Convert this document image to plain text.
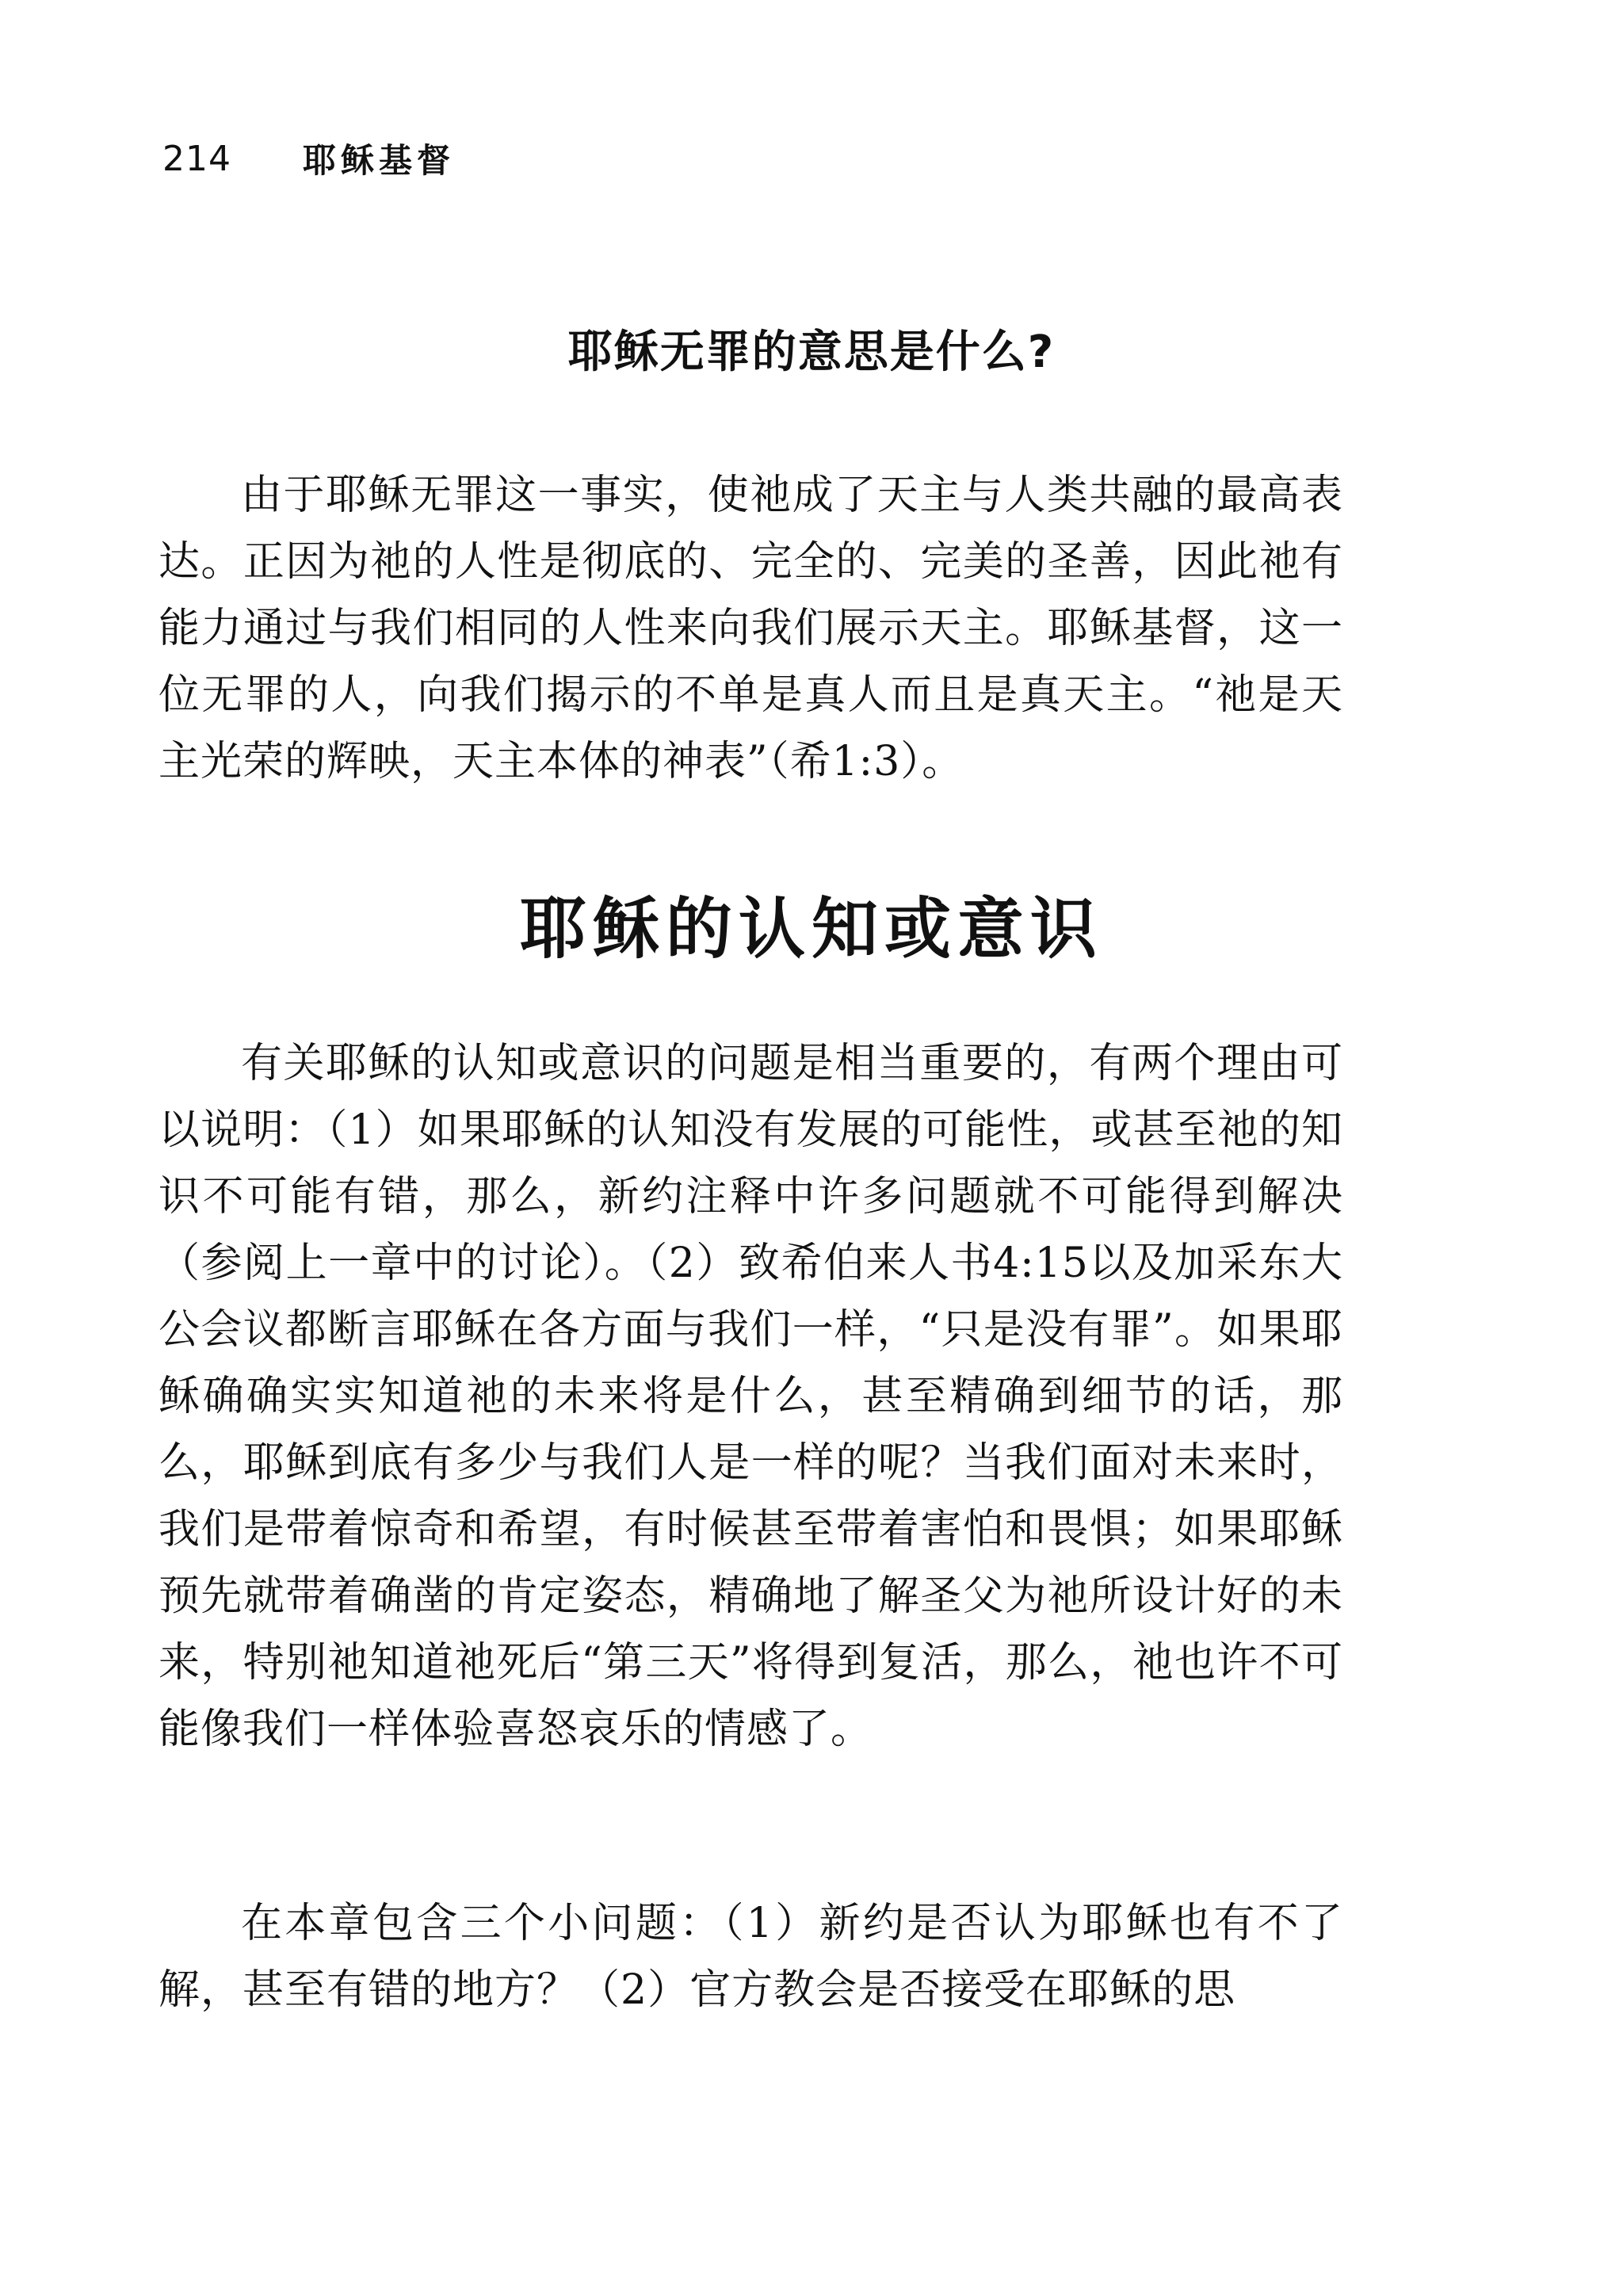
214 耶稣基督
耶稣无罪的意思是什么?

由于耶稣无罪这一事实，使祂成了天主与人类共融的最高表达。正因为祂的人性是彻底的、完全的、完美的圣善，因此祂有能力通过与我们相同的人性来向我们展示天主。耶稣基督，这一位无罪的人，向我们揭示的不单是真人而且是真天主。“祂是天主光荣的辉映，天主本体的神表”（希1:3）。

耶稣的认知或意识

有关耶稣的认知或意识的问题是相当重要的，有两个理由可以说明：（1）如果耶稣的认知没有发展的可能性，或甚至祂的知识不可能有错，那么，新约注释中许多问题就不可能得到解决（参阅上一章中的讨论）。（2）致希伯来人书4:15以及加采东大公会议都断言耶稣在各方面与我们一样，“只是没有罪”。如果耶稣确确实实知道祂的未来将是什么，甚至精确到细节的话，那么，耶稣到底有多少与我们人是一样的呢？当我们面对未来时，我们是带着惊奇和希望，有时候甚至带着害怕和畏惧；如果耶稣预先就带着确凿的肯定姿态，精确地了解圣父为祂所设计好的未来，特别祂知道祂死后“第三天”将得到复活，那么，祂也许不可能像我们一样体验喜怒哀乐的情感了。

在本章包含三个小问题：（1）新约是否认为耶稣也有不了解，甚至有错的地方？（2）官方教会是否接受在耶稣的思
